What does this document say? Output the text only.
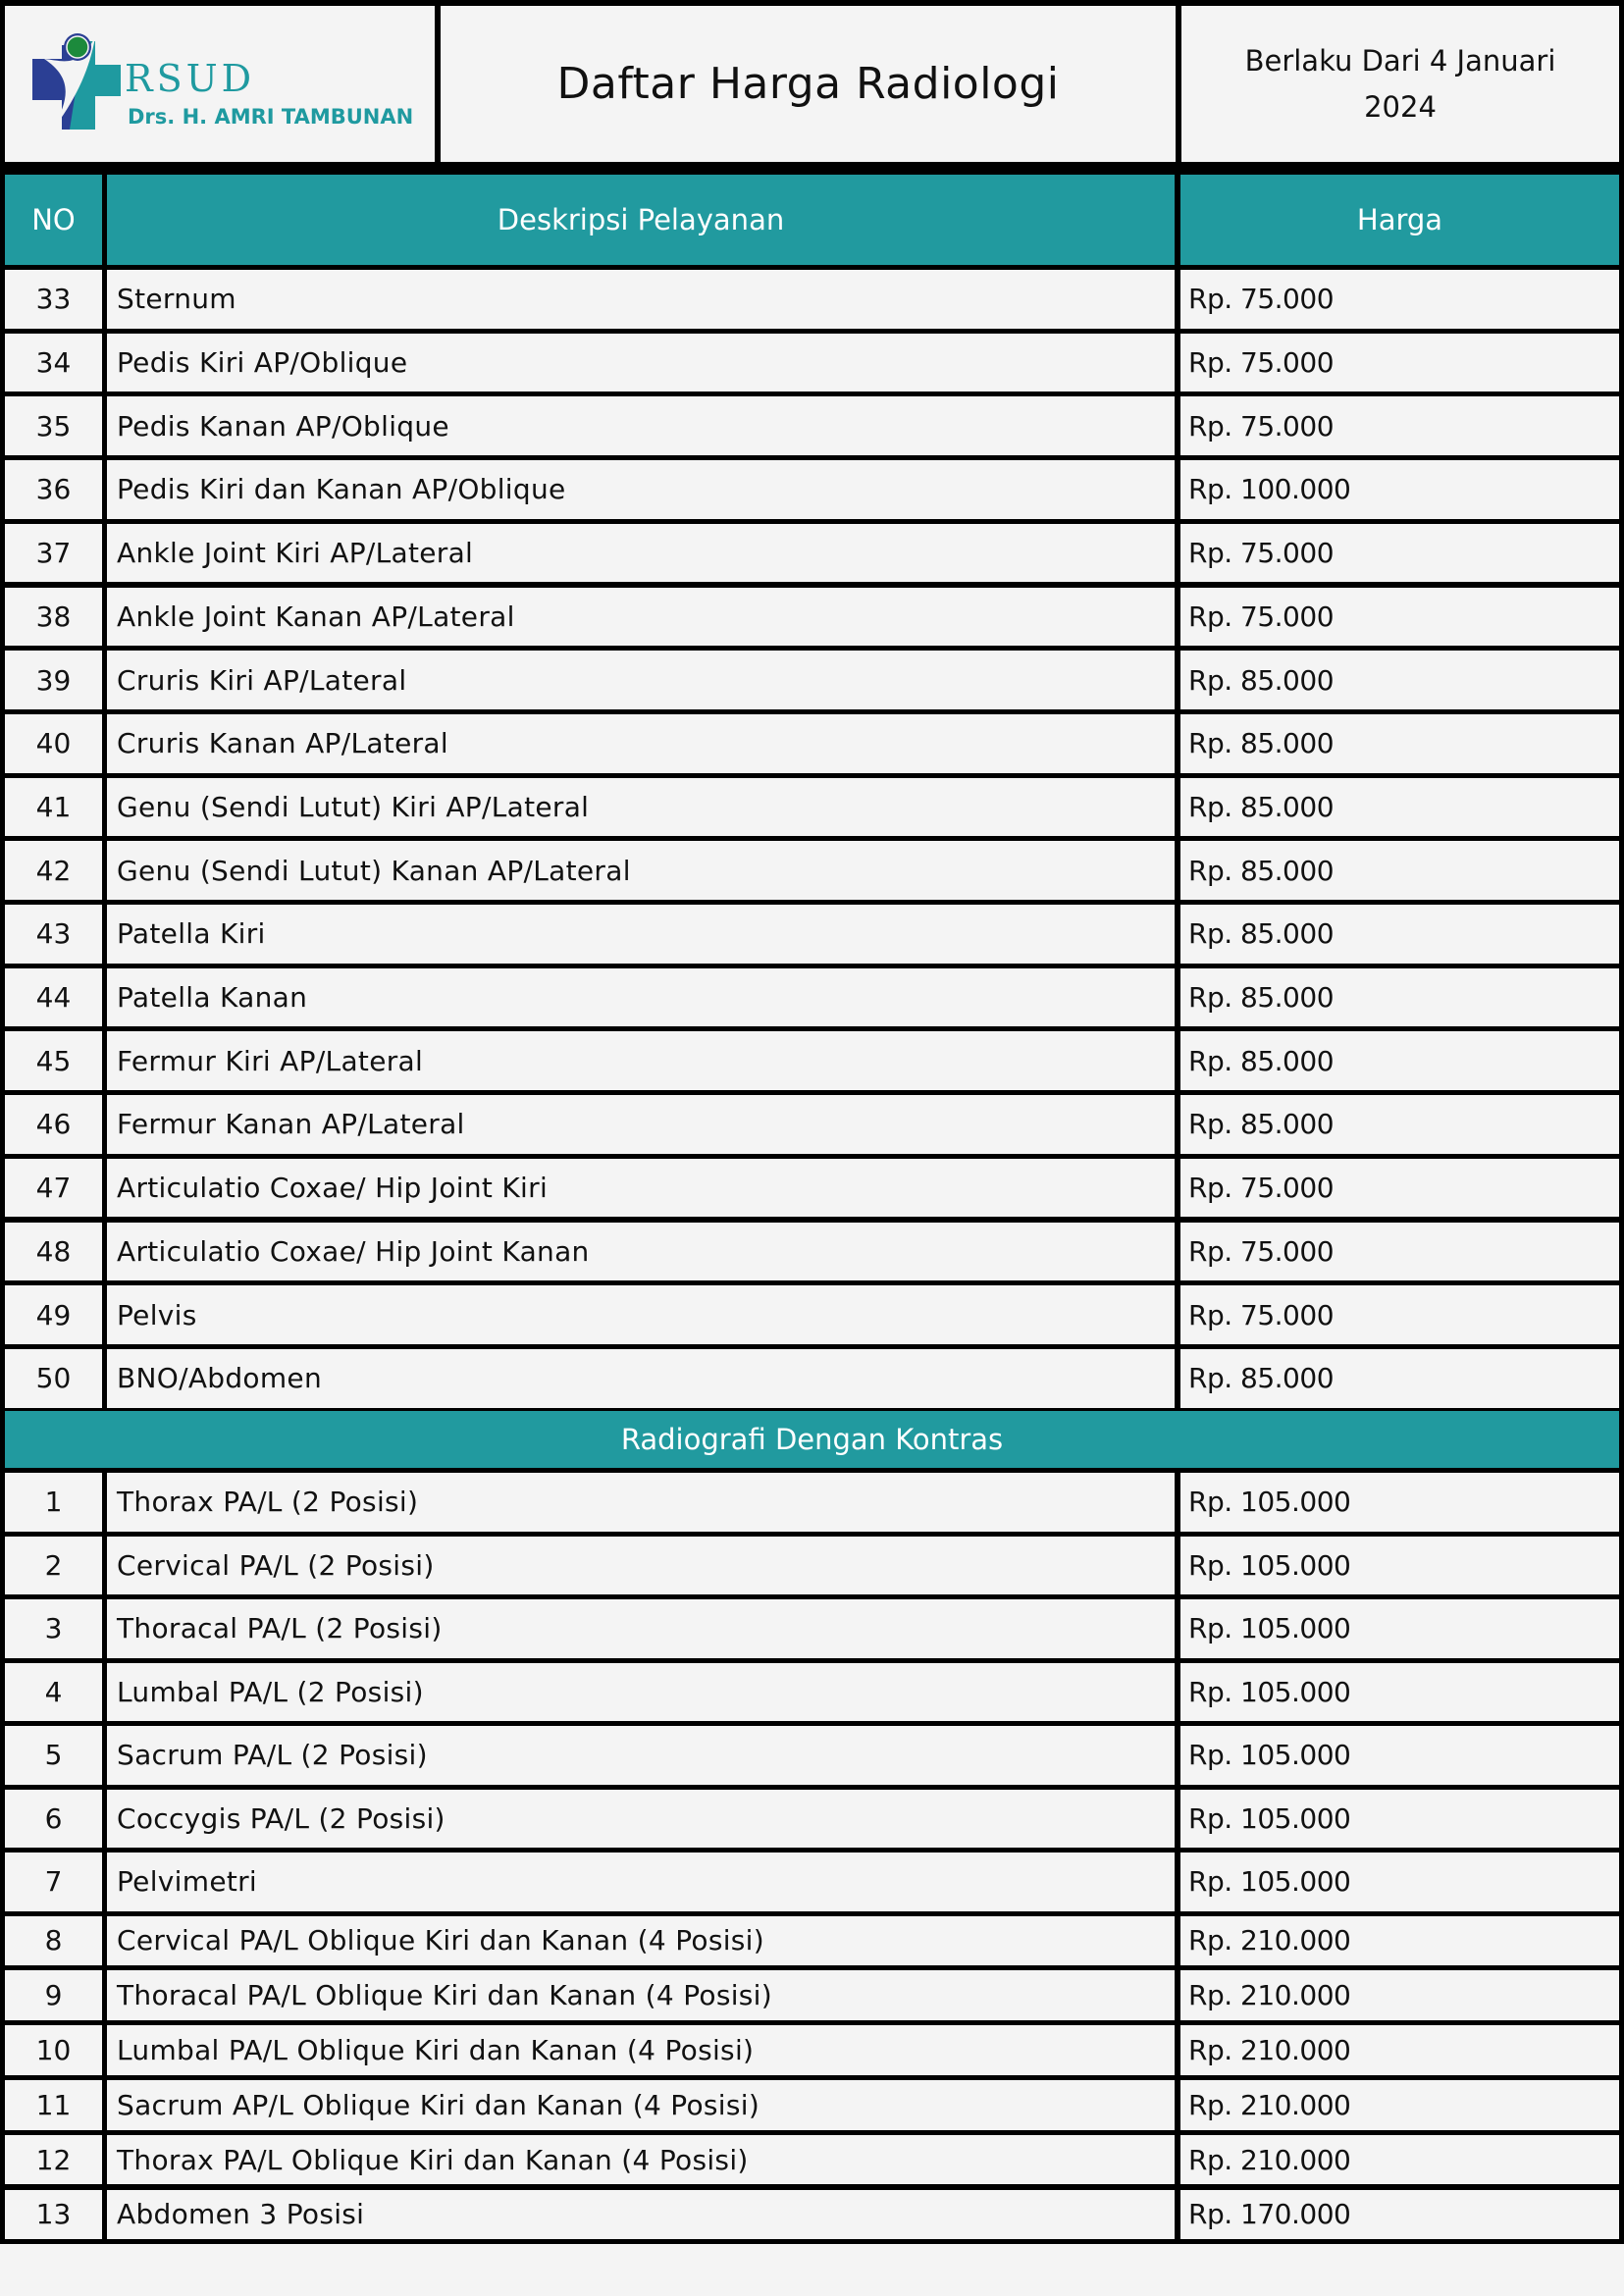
RSUD
Drs. H. AMRI TAMBUNAN
Daftar Harga Radiologi	Berlaku Dari 4 Januari
2024
NO	Deskripsi Pelayanan	Harga
33	Sternum	Rp. 75.000
34	Pedis Kiri AP/Oblique	Rp. 75.000
35	Pedis Kanan AP/Oblique	Rp. 75.000
36	Pedis Kiri dan Kanan AP/Oblique	Rp. 100.000
37	Ankle Joint Kiri AP/Lateral	Rp. 75.000
38	Ankle Joint Kanan AP/Lateral	Rp. 75.000
39	Cruris Kiri AP/Lateral	Rp. 85.000
40	Cruris Kanan AP/Lateral	Rp. 85.000
41	Genu (Sendi Lutut) Kiri AP/Lateral	Rp. 85.000
42	Genu (Sendi Lutut) Kanan AP/Lateral	Rp. 85.000
43	Patella Kiri	Rp. 85.000
44	Patella Kanan	Rp. 85.000
45	Fermur Kiri AP/Lateral	Rp. 85.000
46	Fermur Kanan AP/Lateral	Rp. 85.000
47	Articulatio Coxae/ Hip Joint Kiri	Rp. 75.000
48	Articulatio Coxae/ Hip Joint Kanan	Rp. 75.000
49	Pelvis	Rp. 75.000
50	BNO/Abdomen	Rp. 85.000
Radiografi Dengan Kontras
1	Thorax PA/L (2 Posisi)	Rp. 105.000
2	Cervical PA/L (2 Posisi)	Rp. 105.000
3	Thoracal PA/L (2 Posisi)	Rp. 105.000
4	Lumbal PA/L (2 Posisi)	Rp. 105.000
5	Sacrum PA/L (2 Posisi)	Rp. 105.000
6	Coccygis PA/L (2 Posisi)	Rp. 105.000
7	Pelvimetri	Rp. 105.000
8	Cervical PA/L Oblique Kiri dan Kanan (4 Posisi)	Rp. 210.000
9	Thoracal PA/L Oblique Kiri dan Kanan (4 Posisi)	Rp. 210.000
10	Lumbal PA/L Oblique Kiri dan Kanan (4 Posisi)	Rp. 210.000
11	Sacrum AP/L Oblique Kiri dan Kanan (4 Posisi)	Rp. 210.000
12	Thorax PA/L Oblique Kiri dan Kanan (4 Posisi)	Rp. 210.000
13	Abdomen 3 Posisi	Rp. 170.000
